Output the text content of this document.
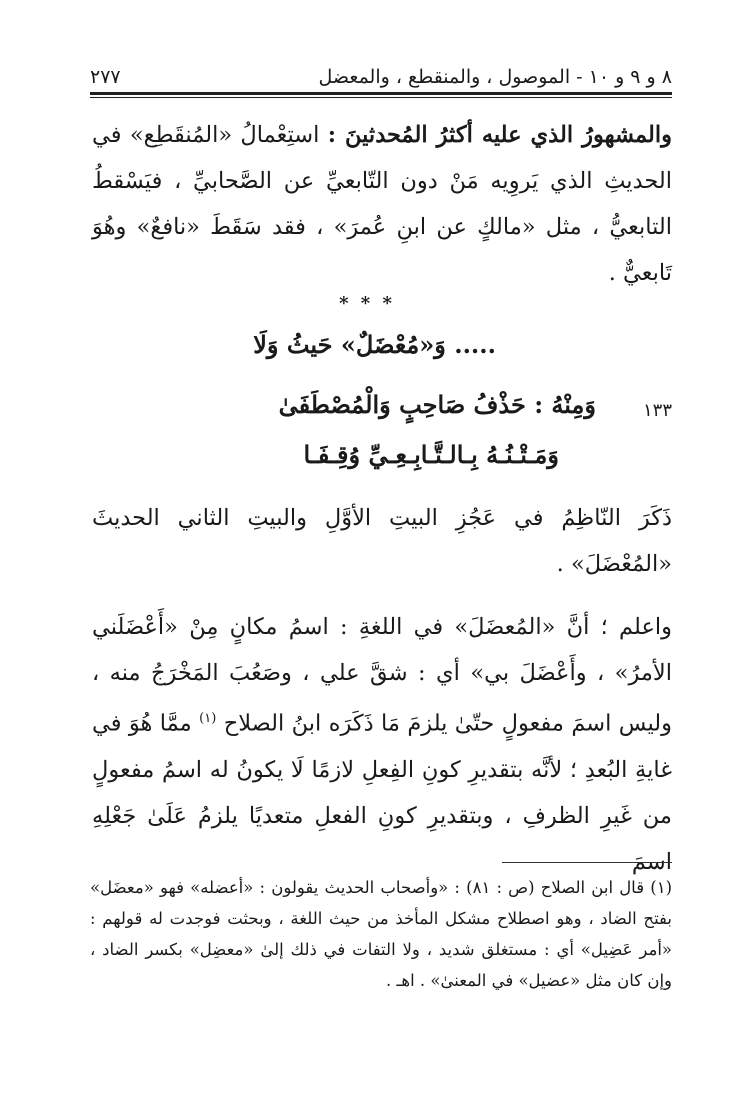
٨ و ٩ و ١٠ - الموصول ، والمنقطع ، والمعضل
٢٧٧
والمشهورُ الذي عليه أكثرُ المُحدثينَ : استِعْمالُ «المُنقَطِع» في الحديثِ الذي يَروِيه مَنْ دون التّابعيِّ عن الصَّحابيِّ ، فيَسْقطُ التابعيُّ ، مثل «مالكٍ عن ابنِ عُمرَ» ، فقد سَقَطَ «نافعٌ» وهُوَ تَابعيٌّ .
* * *
..... وَ«مُعْضَلٌ» حَيثُ وَلَا
١٣٣
وَمِنْهُ : حَذْفُ صَاحِبٍ وَالْمُصْطَفَىٰ
وَمَـتْـنُـهُ بِـالـتَّـابِـعِـيِّ وُقِـفَـا
ذَكَرَ النّاظِمُ في عَجُزِ البيتِ الأوَّلِ والبيتِ الثاني الحديثَ «المُعْضَلَ» .
واعلم ؛ أنَّ «المُعضَلَ» في اللغةِ : اسمُ مكانٍ مِنْ «أَعْضَلَني الأمرُ» ، وأَعْضَلَ بي» أي : شقَّ علي ، وصَعُبَ المَخْرَجُ منه ، وليس اسمَ مفعولٍ حتّىٰ يلزمَ مَا ذَكَرَه ابنُ الصلاح $^{(١)}$ ممَّا هُوَ في غايةِ البُعدِ ؛ لأنَّه بتقديرِ كونِ الفِعلِ لازمًا لَا يكونُ له اسمُ مفعولٍ من غَيرِ الظرفِ ، وبتقديرِ كونِ الفعلِ متعديًا يلزمُ عَلَىٰ جَعْلِهِ اسمَ
(١) قال ابن الصلاح (ص : ٨١) : «وأصحاب الحديث يقولون : «أعضله» فهو «معضَل» بفتح الضاد ، وهو اصطلاح مشكل المأخذ من حيث اللغة ، وبحثت فوجدت له قولهم : «أمر عَضِيل» أي : مستغلق شديد ، ولا التفات في ذلك إلىٰ «معضِل» بكسر الضاد ، وإن كان مثل «عضيل» في المعنىٰ» . اهـ .
